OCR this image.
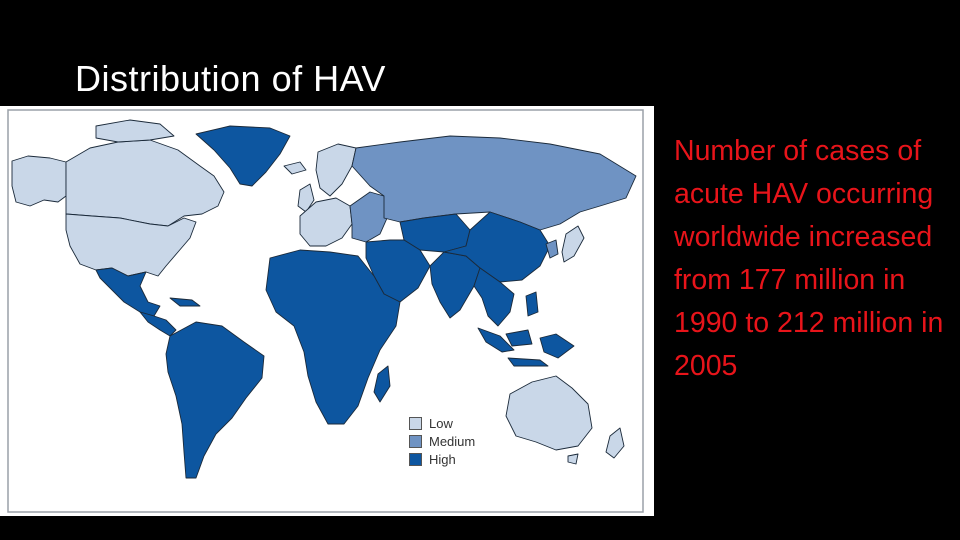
Distribution of HAV
Low
Medium
High
Number of cases of acute HAV occurring worldwide increased from 177 million in 1990 to 212 million in 2005
